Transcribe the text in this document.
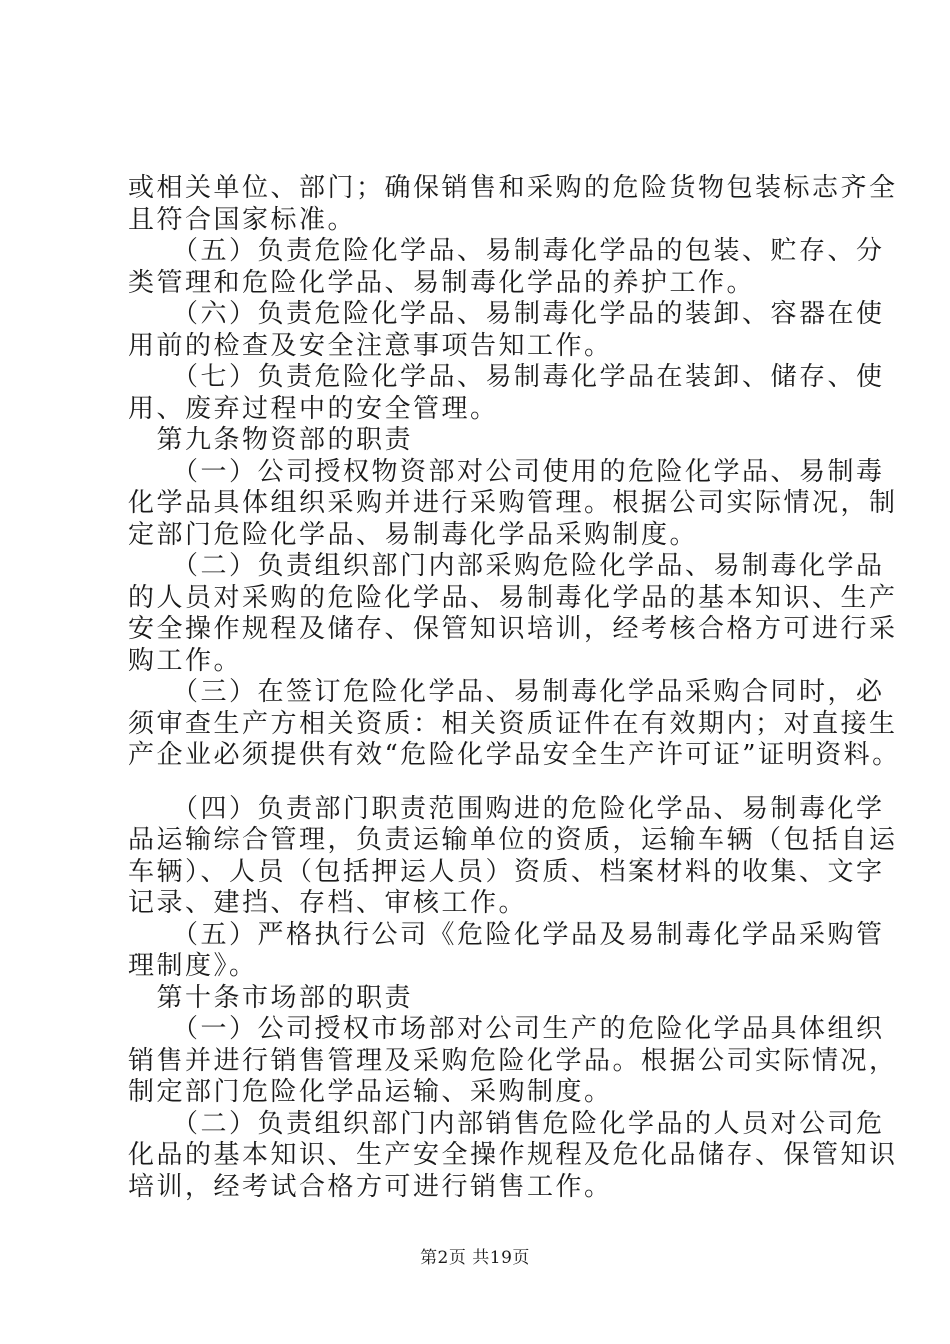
或相关单位、部门；确保销售和采购的危险货物包装标志齐全
且符合国家标准。
　　（五）负责危险化学品、易制毒化学品的包装、贮存、分
类管理和危险化学品、易制毒化学品的养护工作。
　　（六）负责危险化学品、易制毒化学品的装卸、容器在使
用前的检查及安全注意事项告知工作。
　　（七）负责危险化学品、易制毒化学品在装卸、储存、使
用、废弃过程中的安全管理。
　第九条物资部的职责
　　（一）公司授权物资部对公司使用的危险化学品、易制毒
化学品具体组织采购并进行采购管理。根据公司实际情况，制
定部门危险化学品、易制毒化学品采购制度。
　　（二）负责组织部门内部采购危险化学品、易制毒化学品
的人员对采购的危险化学品、易制毒化学品的基本知识、生产
安全操作规程及储存、保管知识培训，经考核合格方可进行采
购工作。
　　（三）在签订危险化学品、易制毒化学品采购合同时，必
须审查生产方相关资质：相关资质证件在有效期内；对直接生
产企业必须提供有效“危险化学品安全生产许可证”证明资料。
　　（四）负责部门职责范围购进的危险化学品、易制毒化学
品运输综合管理，负责运输单位的资质，运输车辆（包括自运
车辆）、人员（包括押运人员）资质、档案材料的收集、文字
记录、建挡、存档、审核工作。
　　（五）严格执行公司《危险化学品及易制毒化学品采购管
理制度》。
　第十条市场部的职责
　　（一）公司授权市场部对公司生产的危险化学品具体组织
销售并进行销售管理及采购危险化学品。根据公司实际情况，
制定部门危险化学品运输、采购制度。
　　（二）负责组织部门内部销售危险化学品的人员对公司危
化品的基本知识、生产安全操作规程及危化品储存、保管知识
培训，经考试合格方可进行销售工作。
第2页 共19页
